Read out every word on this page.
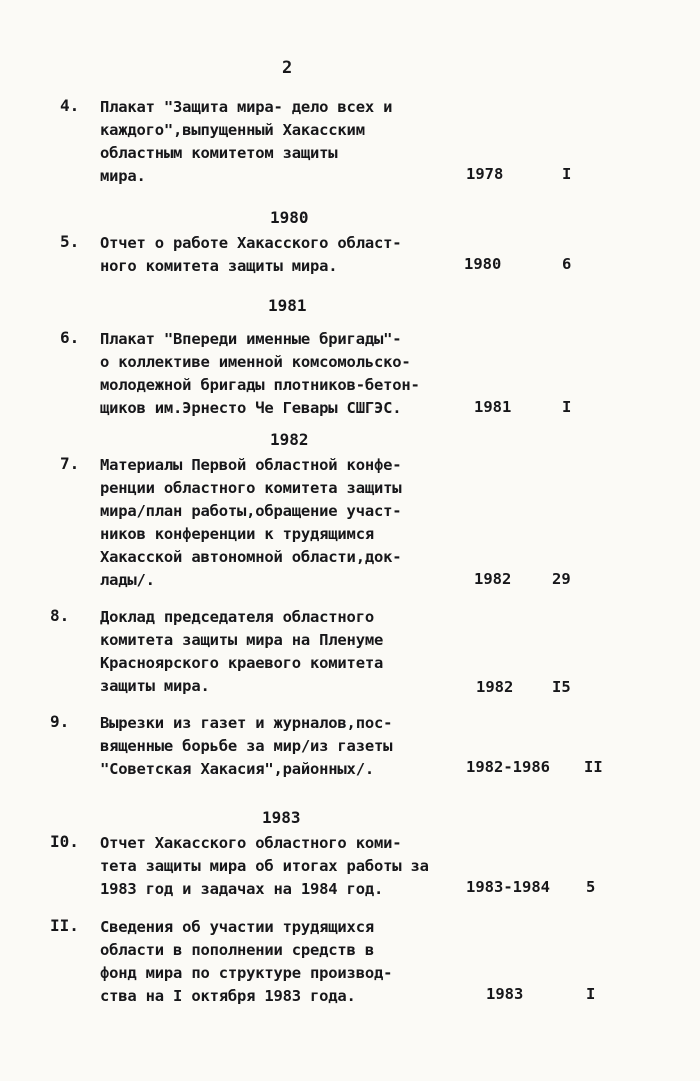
2
1980
1981
1982
1983
4. Плакат "Защита мира- дело всех и
каждого",выпущенный Хакасским
областным комитетом защиты
мира.	1978	I
5. Отчет о работе Хакасского област-
ного комитета защиты мира.	1980	6
6. Плакат "Впереди именные бригады"-
о коллективе именной комсомольско-
молодежной бригады плотников-бетон-
щиков им.Эрнесто Че Гевары СШГЭС.	1981	I
7. Материалы Первой областной конфе-
ренции областного комитета защиты
мира/план работы,обращение участ-
ников конференции к трудящимся
Хакасской автономной области,док-
лады/.	1982	29
8. Доклад председателя областного
комитета защиты мира на Пленуме
Красноярского краевого комитета
защиты мира.	1982 I5
9. Вырезки из газет и журналов,пос-
вященные борьбе за мир/из газеты
"Советская Хакасия",районных/.	1982-1986 II
I0. Отчет Хакасского областного коми-
тета защиты мира об итогах работы за
1983 год и задачах на 1984 год.	1983-1984 5
II. Сведения об участии трудящихся
области в пополнении средств в
фонд мира по структуре производ-
ства на I октября 1983 года.	1983	I
